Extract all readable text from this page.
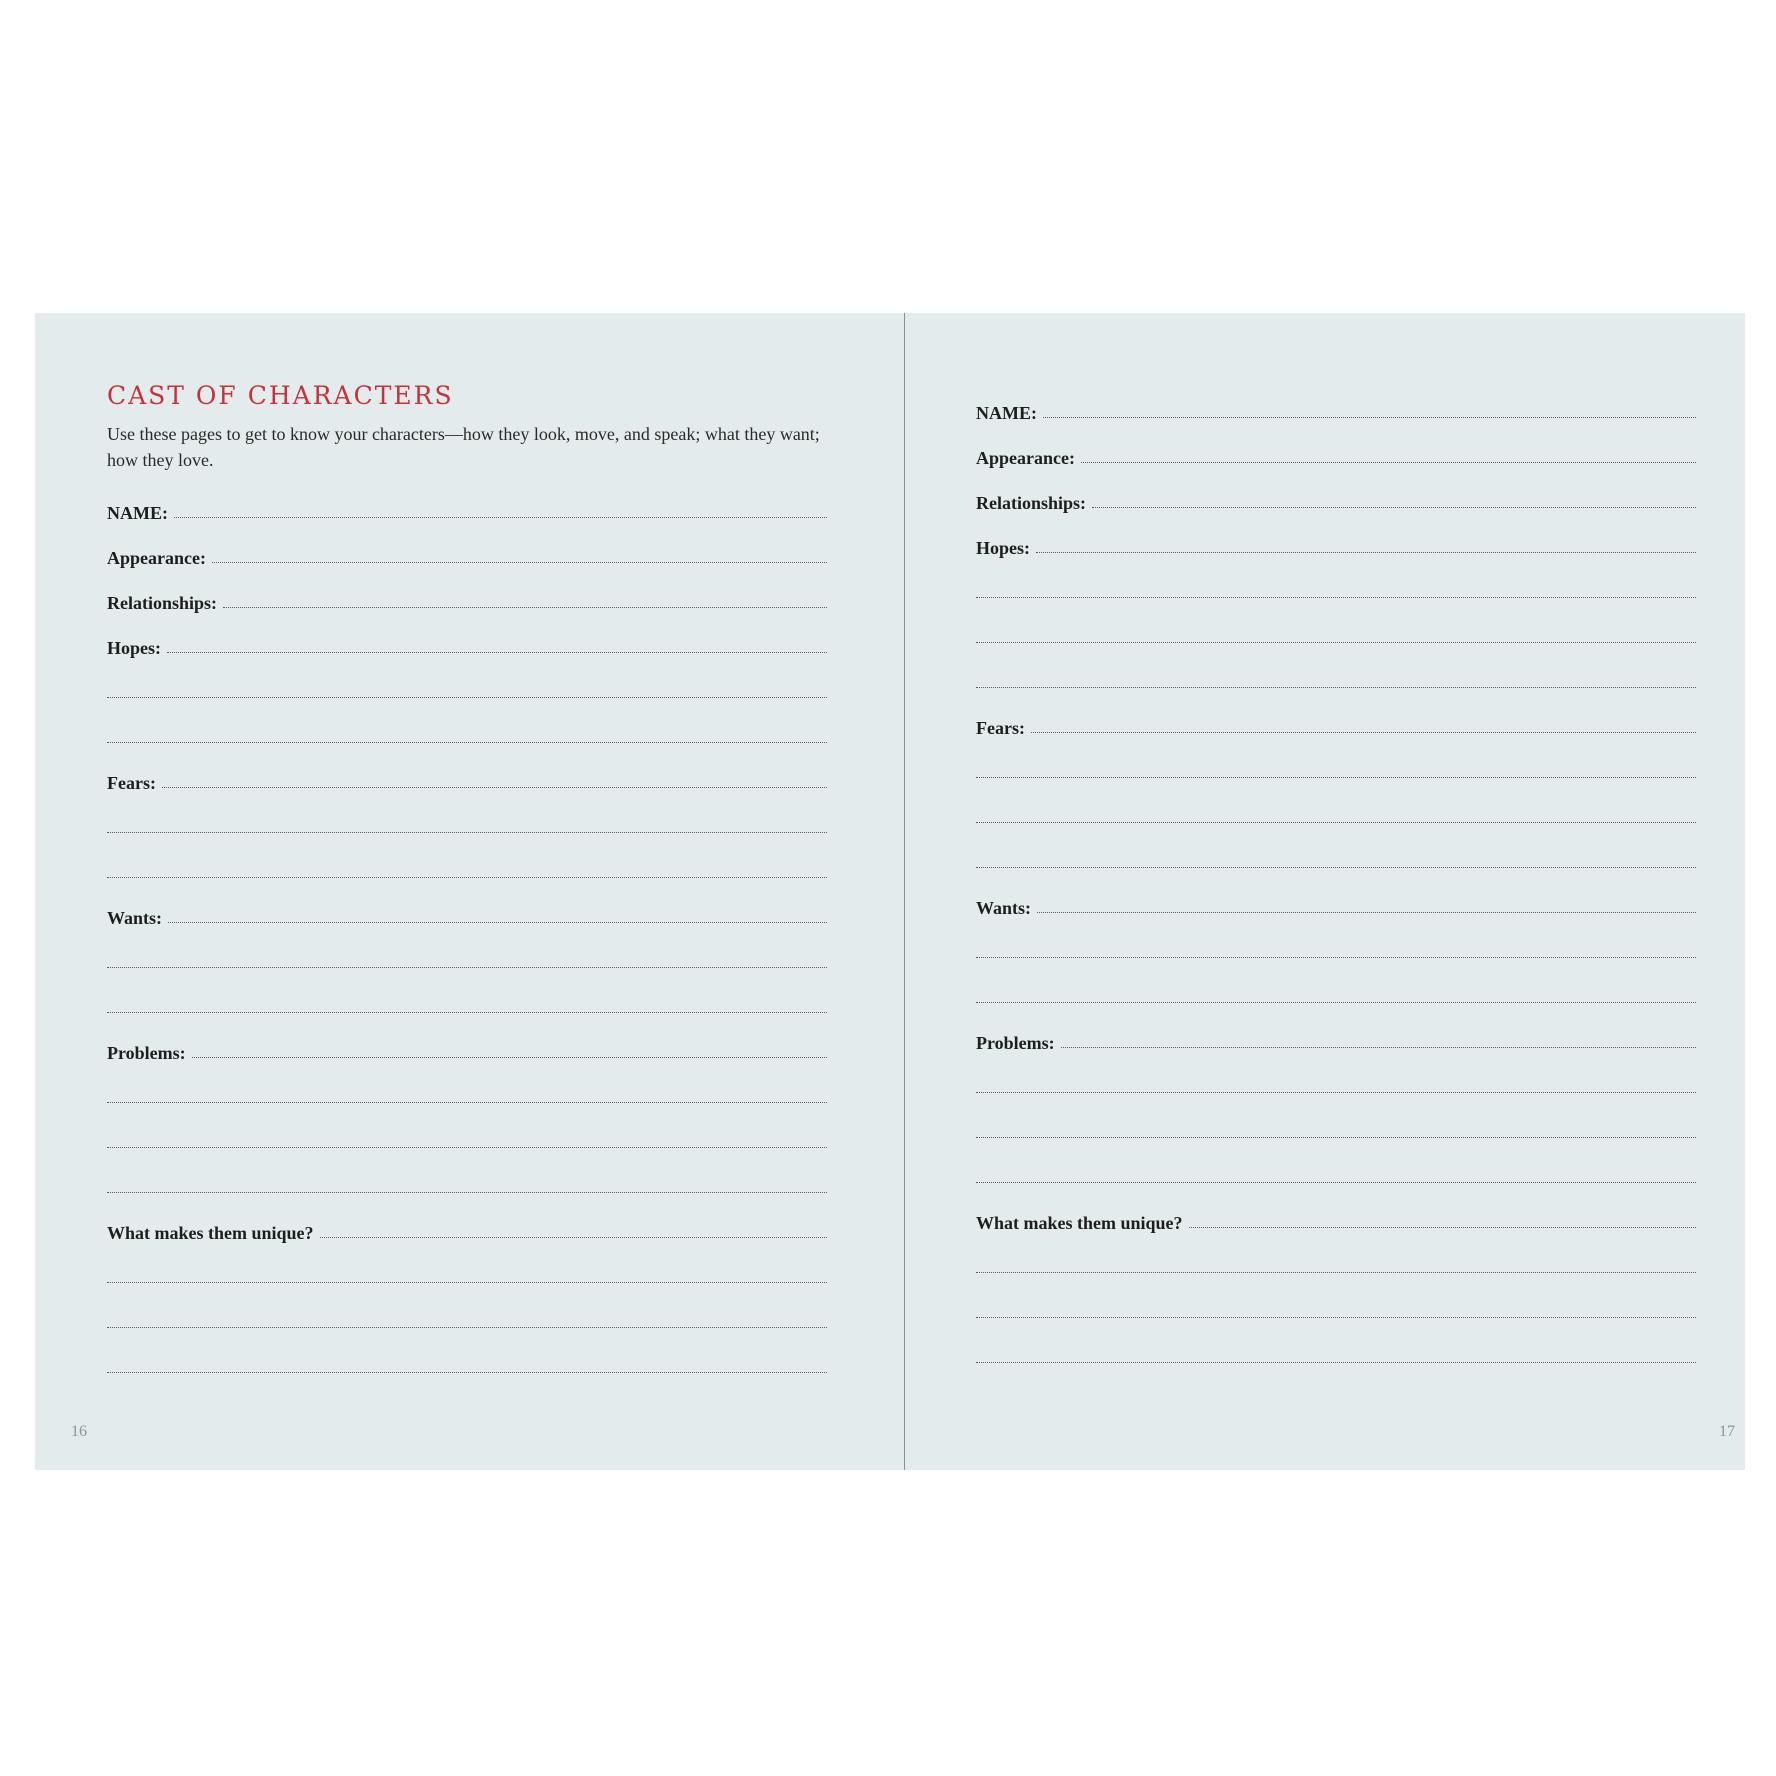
CAST OF CHARACTERS

Use these pages to get to know your characters—how they look, move, and speak; what they want; how they love.

NAME:
Appearance:
Relationships:
Hopes:
Fears:
Wants:
Problems:
What makes them unique?
16
NAME:
Appearance:
Relationships:
Hopes:
Fears:
Wants:
Problems:
What makes them unique?
17
